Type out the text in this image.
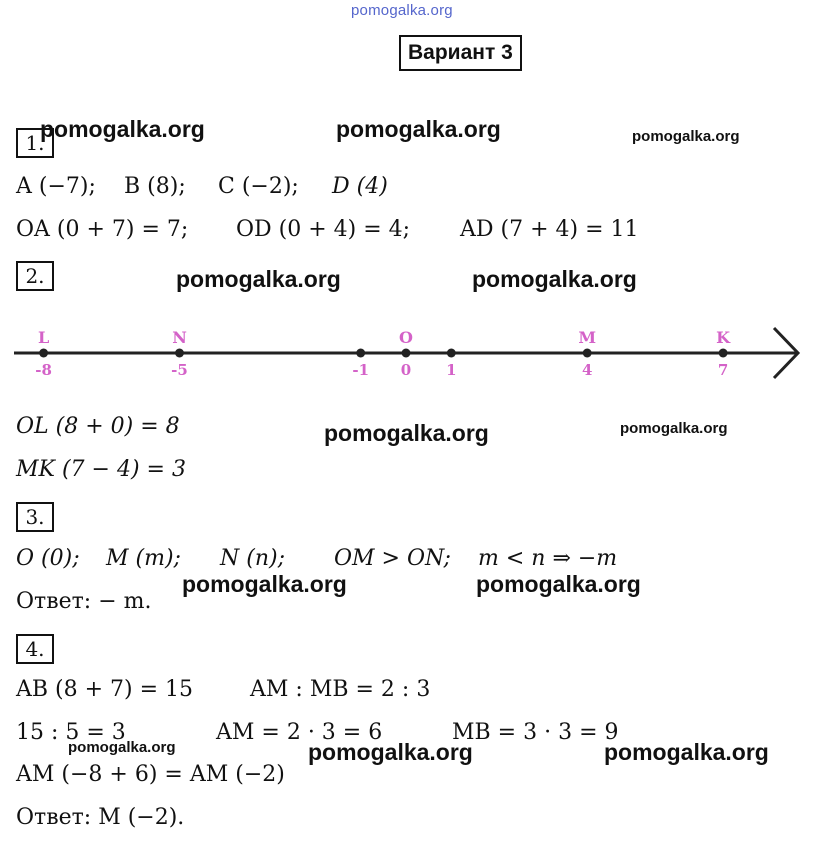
pomogalka.org
Вариант 3
1.
pomogalka.org	pomogalka.org	pomogalka.org
A (−7); B (8); C (−2); D (4)
OA (0 + 7) = 7; OD (0 + 4) = 4; AD (7 + 4) = 11
2.	pomogalka.org	pomogalka.org
-8
L
-5
N
-1 0
O
1	4
M
7
K
OL (8 + 0) = 8	pomogalka.org	pomogalka.org
MK (7 − 4) = 3
3.
O (0); M (m); N (n); OM > ON; m < n ⇒ −m
pomogalka.org	pomogalka.org
Ответ: − m.
4.
AB (8 + 7) = 15	AM : MB = 2 : 3
15 : 5 = 3	AM = 2 · 3 = 6	MB = 3 · 3 = 9
pomogalka.org	pomogalka.org	pomogalka.org
AM (−8 + 6) = AM (−2)
Ответ: M (−2).
